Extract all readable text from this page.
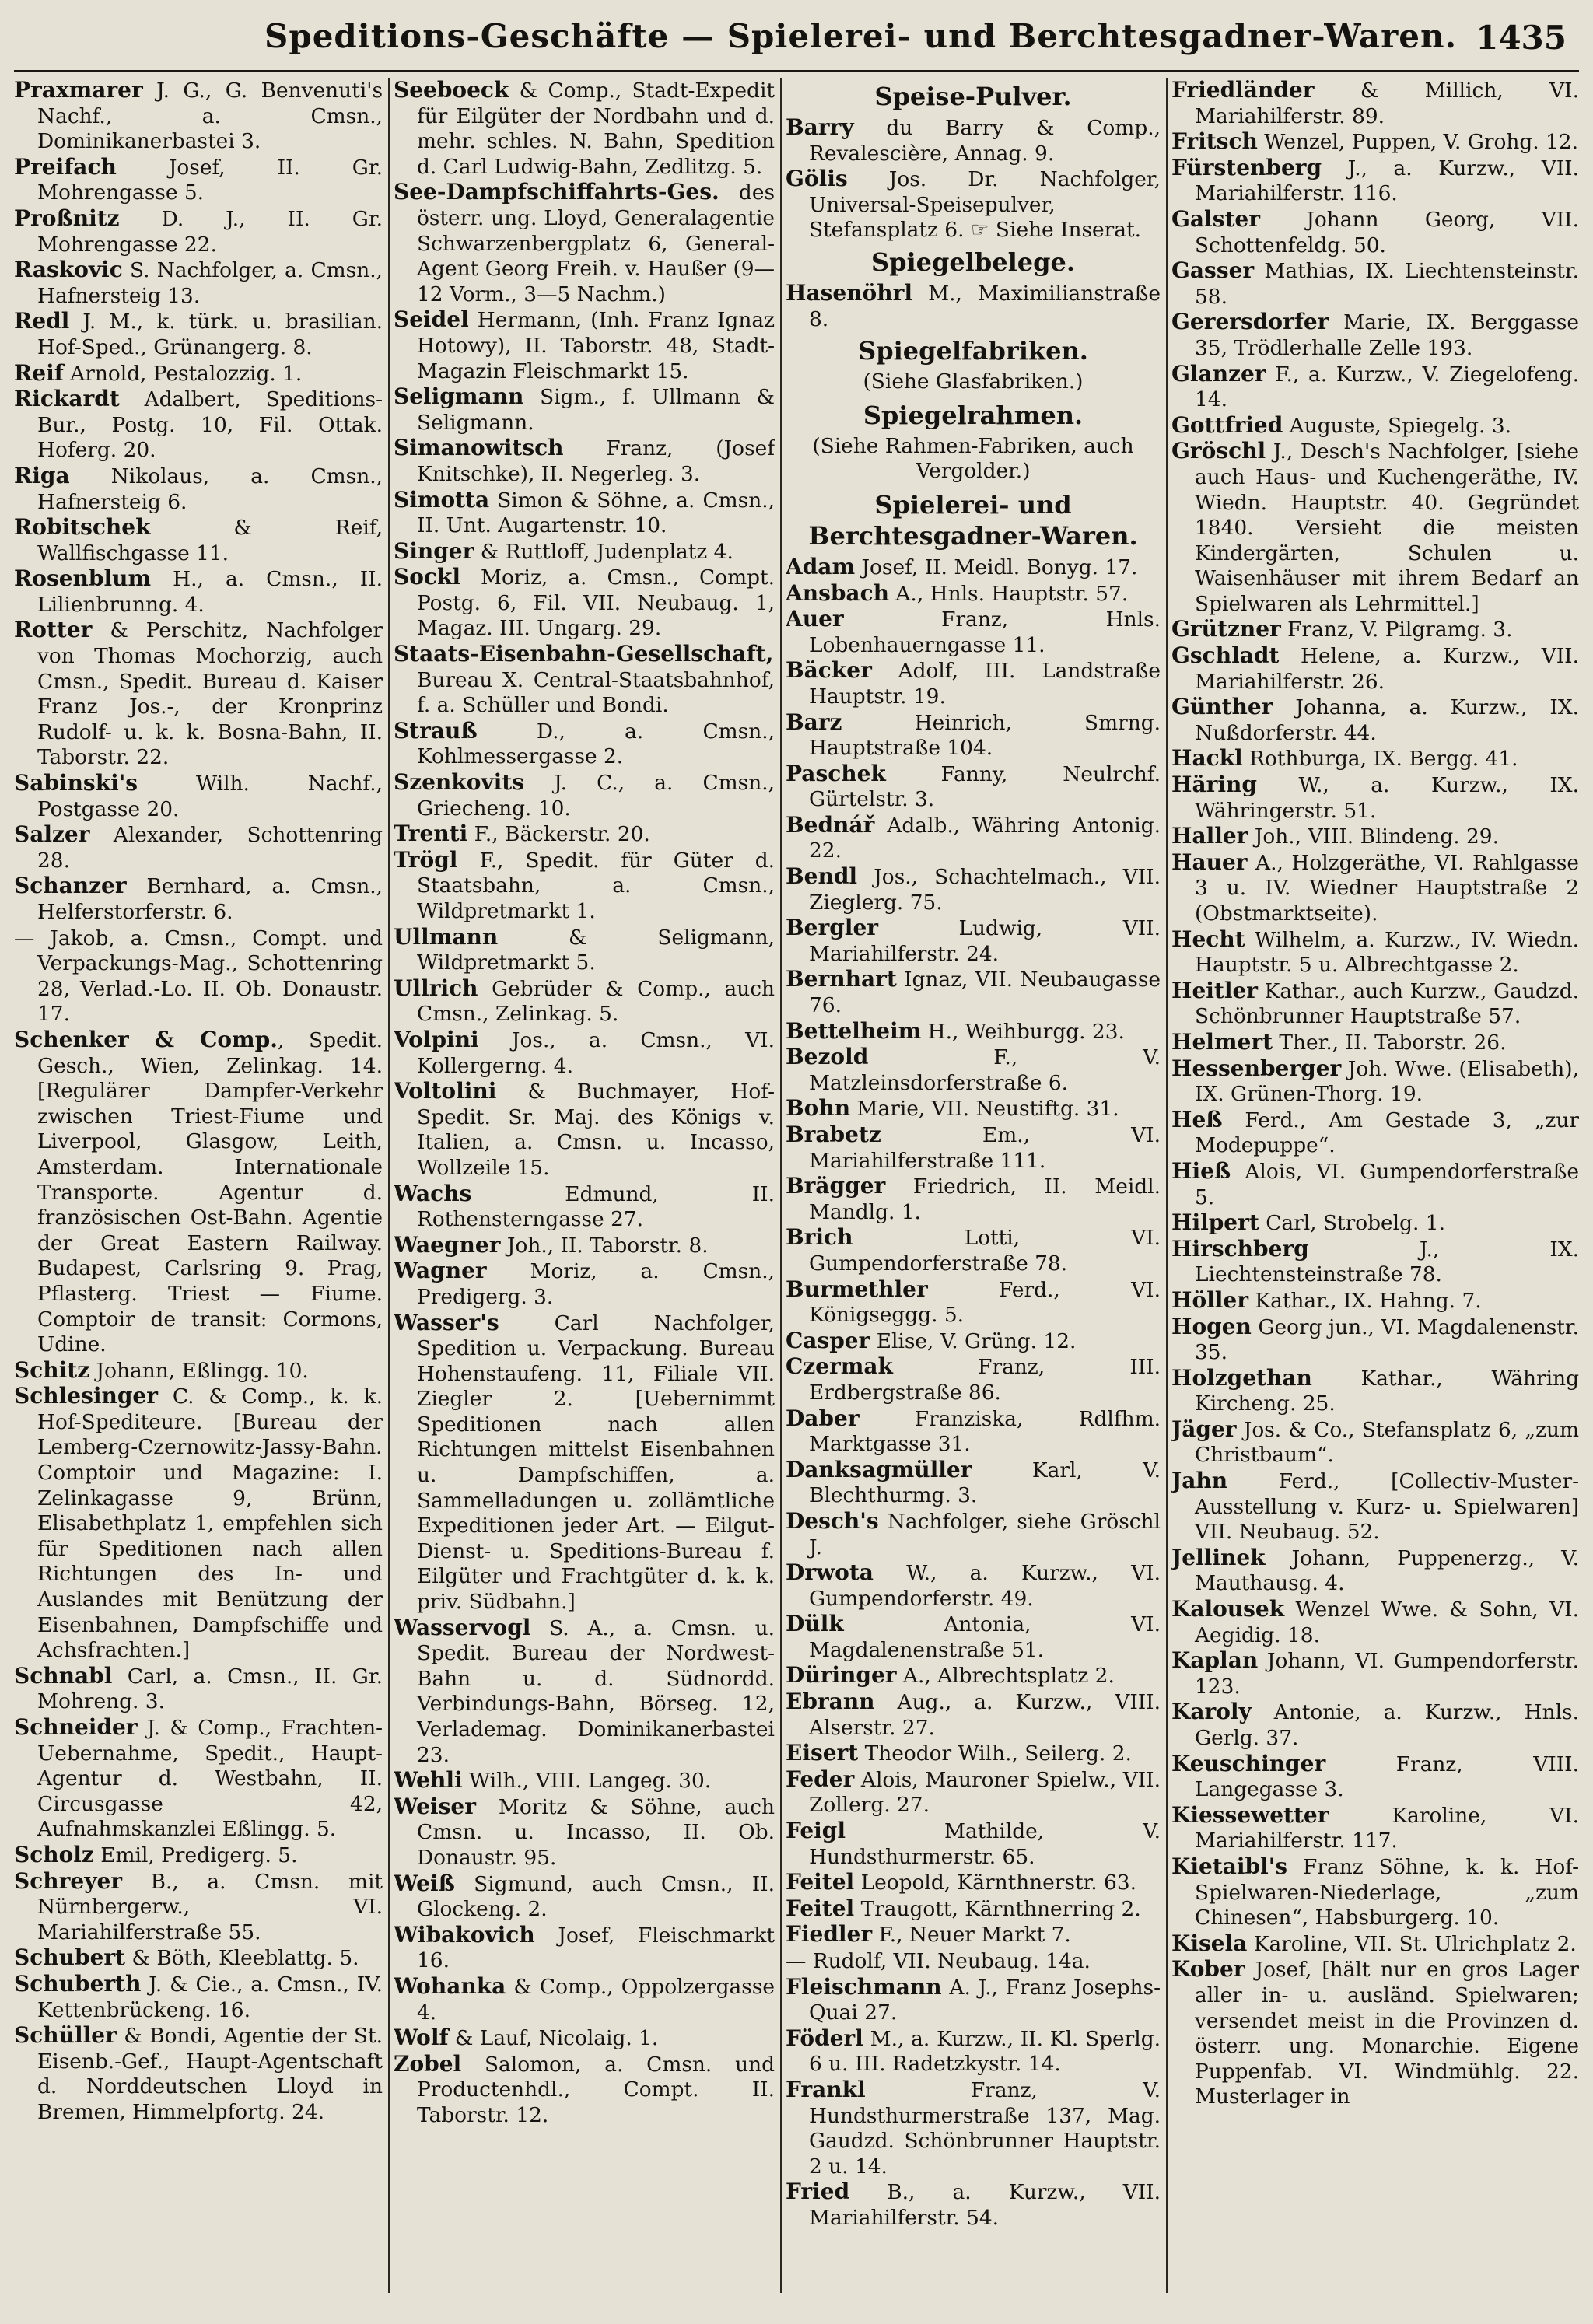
Speditions-Geschäfte — Spielerei- und Berchtesgadner-Waren. 1435

Praxmarer J. G., G. Benvenuti's Nachf., a. Cmsn., Dominikanerbastei 3.

Preifach Josef, II. Gr. Mohrengasse 5.

Proßnitz D. J., II. Gr. Mohrengasse 22.

Raskovic S. Nachfolger, a. Cmsn., Hafnersteig 13.

Redl J. M., k. türk. u. brasilian. Hof-Sped., Grünangerg. 8.

Reif Arnold, Pestalozzig. 1.

Rickardt Adalbert, Speditions-Bur., Postg. 10, Fil. Ottak. Hoferg. 20.

Riga Nikolaus, a. Cmsn., Hafnersteig 6.

Robitschek & Reif, Wallfischgasse 11.

Rosenblum H., a. Cmsn., II. Lilienbrunng. 4.

Rotter & Perschitz, Nachfolger von Thomas Mochorzig, auch Cmsn., Spedit. Bureau d. Kaiser Franz Jos.-, der Kronprinz Rudolf- u. k. k. Bosna-Bahn, II. Taborstr. 22.

Sabinski's Wilh. Nachf., Postgasse 20.

Salzer Alexander, Schottenring 28.

Schanzer Bernhard, a. Cmsn., Helferstorferstr. 6.

— Jakob, a. Cmsn., Compt. und Verpackungs-Mag., Schottenring 28, Verlad.-Lo. II. Ob. Donaustr. 17.

Schenker & Comp., Spedit. Gesch., Wien, Zelinkag. 14. [Regulärer Dampfer-Verkehr zwischen Triest-Fiume und Liverpool, Glasgow, Leith, Amsterdam. Internationale Transporte. Agentur d. französischen Ost-Bahn. Agentie der Great Eastern Railway. Budapest, Carlsring 9. Prag, Pflasterg. Triest — Fiume. Comptoir de transit: Cormons, Udine.

Schitz Johann, Eßlingg. 10.

Schlesinger C. & Comp., k. k. Hof-Spediteure. [Bureau der Lemberg-Czernowitz-Jassy-Bahn. Comptoir und Magazine: I. Zelinkagasse 9, Brünn, Elisabethplatz 1, empfehlen sich für Speditionen nach allen Richtungen des In- und Auslandes mit Benützung der Eisenbahnen, Dampfschiffe und Achsfrachten.]

Schnabl Carl, a. Cmsn., II. Gr. Mohreng. 3.

Schneider J. & Comp., Frachten-Uebernahme, Spedit., Haupt-Agentur d. Westbahn, II. Circusgasse 42, Aufnahmskanzlei Eßlingg. 5.

Scholz Emil, Predigerg. 5.

Schreyer B., a. Cmsn. mit Nürnbergerw., VI. Mariahilferstraße 55.

Schubert & Böth, Kleeblattg. 5.

Schuberth J. & Cie., a. Cmsn., IV. Kettenbrückeng. 16.

Schüller & Bondi, Agentie der St. Eisenb.-Gef., Haupt-Agentschaft d. Norddeutschen Lloyd in Bremen, Himmelpfortg. 24.

Seeboeck & Comp., Stadt-Expedit für Eilgüter der Nordbahn und d. mehr. schles. N. Bahn, Spedition d. Carl Ludwig-Bahn, Zedlitzg. 5.

See-Dampfschiffahrts-Ges. des österr. ung. Lloyd, Generalagentie Schwarzenbergplatz 6, General-Agent Georg Freih. v. Haußer (9—12 Vorm., 3—5 Nachm.)

Seidel Hermann, (Inh. Franz Ignaz Hotowy), II. Taborstr. 48, Stadt-Magazin Fleischmarkt 15.

Seligmann Sigm., f. Ullmann & Seligmann.

Simanowitsch Franz, (Josef Knitschke), II. Negerleg. 3.

Simotta Simon & Söhne, a. Cmsn., II. Unt. Augartenstr. 10.

Singer & Ruttloff, Judenplatz 4.

Sockl Moriz, a. Cmsn., Compt. Postg. 6, Fil. VII. Neubaug. 1, Magaz. III. Ungarg. 29.

Staats-Eisenbahn-Gesellschaft, Bureau X. Central-Staatsbahnhof, f. a. Schüller und Bondi.

Strauß D., a. Cmsn., Kohlmessergasse 2.

Szenkovits J. C., a. Cmsn., Griecheng. 10.

Trenti F., Bäckerstr. 20.

Trögl F., Spedit. für Güter d. Staatsbahn, a. Cmsn., Wildpretmarkt 1.

Ullmann & Seligmann, Wildpretmarkt 5.

Ullrich Gebrüder & Comp., auch Cmsn., Zelinkag. 5.

Volpini Jos., a. Cmsn., VI. Kollergerng. 4.

Voltolini & Buchmayer, Hof-Spedit. Sr. Maj. des Königs v. Italien, a. Cmsn. u. Incasso, Wollzeile 15.

Wachs Edmund, II. Rothensterngasse 27.

Waegner Joh., II. Taborstr. 8.

Wagner Moriz, a. Cmsn., Predigerg. 3.

Wasser's Carl Nachfolger, Spedition u. Verpackung. Bureau Hohenstaufeng. 11, Filiale VII. Ziegler 2. [Uebernimmt Speditionen nach allen Richtungen mittelst Eisenbahnen u. Dampfschiffen, a. Sammelladungen u. zollämtliche Expeditionen jeder Art. — Eilgut-Dienst- u. Speditions-Bureau f. Eilgüter und Frachtgüter d. k. k. priv. Südbahn.]

Wasservogl S. A., a. Cmsn. u. Spedit. Bureau der Nordwest-Bahn u. d. Südnordd. Verbindungs-Bahn, Börseg. 12, Verlademag. Dominikanerbastei 23.

Wehli Wilh., VIII. Langeg. 30.

Weiser Moritz & Söhne, auch Cmsn. u. Incasso, II. Ob. Donaustr. 95.

Weiß Sigmund, auch Cmsn., II. Glockeng. 2.

Wibakovich Josef, Fleischmarkt 16.

Wohanka & Comp., Oppolzergasse 4.

Wolf & Lauf, Nicolaig. 1.

Zobel Salomon, a. Cmsn. und Productenhdl., Compt. II. Taborstr. 12.

Speise-Pulver.

Barry du Barry & Comp., Revalescière, Annag. 9.

Gölis Jos. Dr. Nachfolger, Universal-Speisepulver, Stefansplatz 6. ☞ Siehe Inserat.

Spiegelbelege.

Hasenöhrl M., Maximilianstraße 8.

Spiegelfabriken.
(Siehe Glasfabriken.)
Spiegelrahmen.
(Siehe Rahmen-Fabriken, auch Vergolder.)
Spielerei- und Berchtesgadner-Waren.

Adam Josef, II. Meidl. Bonyg. 17.

Ansbach A., Hnls. Hauptstr. 57.

Auer Franz, Hnls. Lobenhauerngasse 11.

Bäcker Adolf, III. Landstraße Hauptstr. 19.

Barz Heinrich, Smrng. Hauptstraße 104.

Paschek Fanny, Neulrchf. Gürtelstr. 3.

Bednář Adalb., Währing Antonig. 22.

Bendl Jos., Schachtelmach., VII. Zieglerg. 75.

Bergler Ludwig, VII. Mariahilferstr. 24.

Bernhart Ignaz, VII. Neubaugasse 76.

Bettelheim H., Weihburgg. 23.

Bezold F., V. Matzleinsdorferstraße 6.

Bohn Marie, VII. Neustiftg. 31.

Brabetz Em., VI. Mariahilferstraße 111.

Brägger Friedrich, II. Meidl. Mandlg. 1.

Brich Lotti, VI. Gumpendorferstraße 78.

Burmethler Ferd., VI. Königseggg. 5.

Casper Elise, V. Grüng. 12.

Czermak Franz, III. Erdbergstraße 86.

Daber Franziska, Rdlfhm. Marktgasse 31.

Danksagmüller Karl, V. Blechthurmg. 3.

Desch's Nachfolger, siehe Gröschl J.

Drwota W., a. Kurzw., VI. Gumpendorferstr. 49.

Dülk Antonia, VI. Magdalenenstraße 51.

Düringer A., Albrechtsplatz 2.

Ebrann Aug., a. Kurzw., VIII. Alserstr. 27.

Eisert Theodor Wilh., Seilerg. 2.

Feder Alois, Mauroner Spielw., VII. Zollerg. 27.

Feigl Mathilde, V. Hundsthurmerstr. 65.

Feitel Leopold, Kärnthnerstr. 63.

Feitel Traugott, Kärnthnerring 2.

Fiedler F., Neuer Markt 7.

— Rudolf, VII. Neubaug. 14a.

Fleischmann A. J., Franz Josephs-Quai 27.

Föderl M., a. Kurzw., II. Kl. Sperlg. 6 u. III. Radetzkystr. 14.

Frankl Franz, V. Hundsthurmerstraße 137, Mag. Gaudzd. Schönbrunner Hauptstr. 2 u. 14.

Fried B., a. Kurzw., VII. Mariahilferstr. 54.

Friedländer & Millich, VI. Mariahilferstr. 89.

Fritsch Wenzel, Puppen, V. Grohg. 12.

Fürstenberg J., a. Kurzw., VII. Mariahilferstr. 116.

Galster Johann Georg, VII. Schottenfeldg. 50.

Gasser Mathias, IX. Liechtensteinstr. 58.

Gerersdorfer Marie, IX. Berggasse 35, Trödlerhalle Zelle 193.

Glanzer F., a. Kurzw., V. Ziegelofeng. 14.

Gottfried Auguste, Spiegelg. 3.

Gröschl J., Desch's Nachfolger, [siehe auch Haus- und Kuchengeräthe, IV. Wiedn. Hauptstr. 40. Gegründet 1840. Versieht die meisten Kindergärten, Schulen u. Waisenhäuser mit ihrem Bedarf an Spielwaren als Lehrmittel.]

Grützner Franz, V. Pilgramg. 3.

Gschladt Helene, a. Kurzw., VII. Mariahilferstr. 26.

Günther Johanna, a. Kurzw., IX. Nußdorferstr. 44.

Hackl Rothburga, IX. Bergg. 41.

Häring W., a. Kurzw., IX. Währingerstr. 51.

Haller Joh., VIII. Blindeng. 29.

Hauer A., Holzgeräthe, VI. Rahlgasse 3 u. IV. Wiedner Hauptstraße 2 (Obstmarktseite).

Hecht Wilhelm, a. Kurzw., IV. Wiedn. Hauptstr. 5 u. Albrechtgasse 2.

Heitler Kathar., auch Kurzw., Gaudzd. Schönbrunner Hauptstraße 57.

Helmert Ther., II. Taborstr. 26.

Hessenberger Joh. Wwe. (Elisabeth), IX. Grünen-Thorg. 19.

Heß Ferd., Am Gestade 3, „zur Modepuppe“.

Hieß Alois, VI. Gumpendorferstraße 5.

Hilpert Carl, Strobelg. 1.

Hirschberg J., IX. Liechtensteinstraße 78.

Höller Kathar., IX. Hahng. 7.

Hogen Georg jun., VI. Magdalenenstr. 35.

Holzgethan Kathar., Währing Kircheng. 25.

Jäger Jos. & Co., Stefansplatz 6, „zum Christbaum“.

Jahn Ferd., [Collectiv-Muster-Ausstellung v. Kurz- u. Spielwaren] VII. Neubaug. 52.

Jellinek Johann, Puppenerzg., V. Mauthausg. 4.

Kalousek Wenzel Wwe. & Sohn, VI. Aegidig. 18.

Kaplan Johann, VI. Gumpendorferstr. 123.

Karoly Antonie, a. Kurzw., Hnls. Gerlg. 37.

Keuschinger Franz, VIII. Langegasse 3.

Kiessewetter Karoline, VI. Mariahilferstr. 117.

Kietaibl's Franz Söhne, k. k. Hof-Spielwaren-Niederlage, „zum Chinesen“, Habsburgerg. 10.

Kisela Karoline, VII. St. Ulrichplatz 2.

Kober Josef, [hält nur en gros Lager aller in- u. ausländ. Spielwaren; versendet meist in die Provinzen d. österr. ung. Monarchie. Eigene Puppenfab. VI. Windmühlg. 22. Musterlager in
